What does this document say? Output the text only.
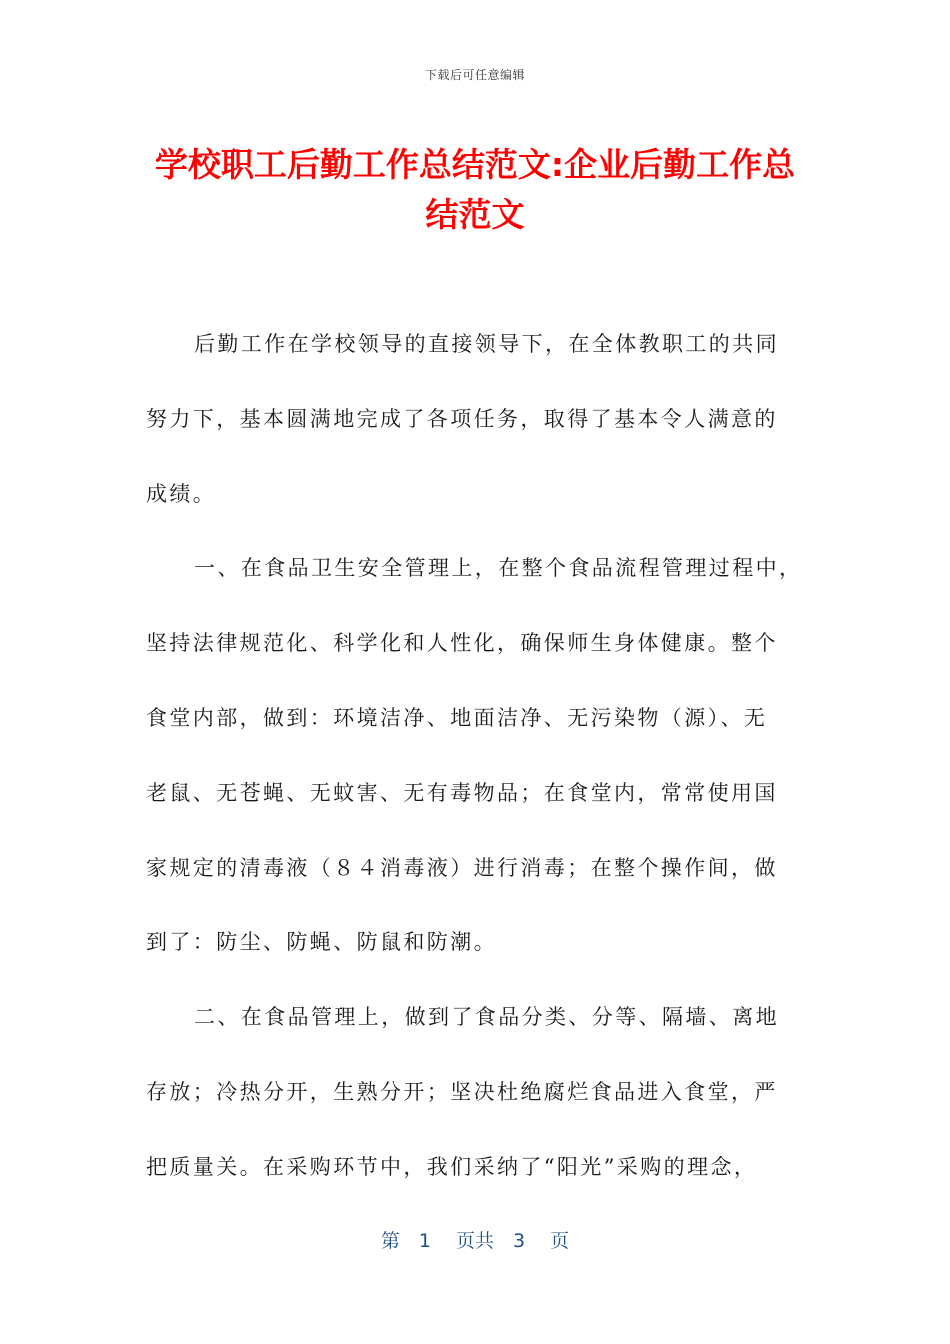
下载后可任意编辑
学校职工后勤工作总结范文:企业后勤工作总
结范文

后勤工作在学校领导的直接领导下，在全体教职工的共同
努力下，基本圆满地完成了各项任务，取得了基本令人满意的
成绩。

一、在食品卫生安全管理上，在整个食品流程管理过程中，
坚持法律规范化、科学化和人性化，确保师生身体健康。整个
食堂内部，做到：环境洁净、地面洁净、无污染物（源）、无
老鼠、无苍蝇、无蚊害、无有毒物品；在食堂内，常常使用国
家规定的清毒液（８４消毒液）进行消毒；在整个操作间，做
到了：防尘、防蝇、防鼠和防潮。

二、在食品管理上，做到了食品分类、分等、隔墙、离地
存放；冷热分开，生熟分开；坚决杜绝腐烂食品进入食堂，严
把质量关。在采购环节中，我们采纳了“阳光”采购的理念，

第　1　 页共　3　 页
